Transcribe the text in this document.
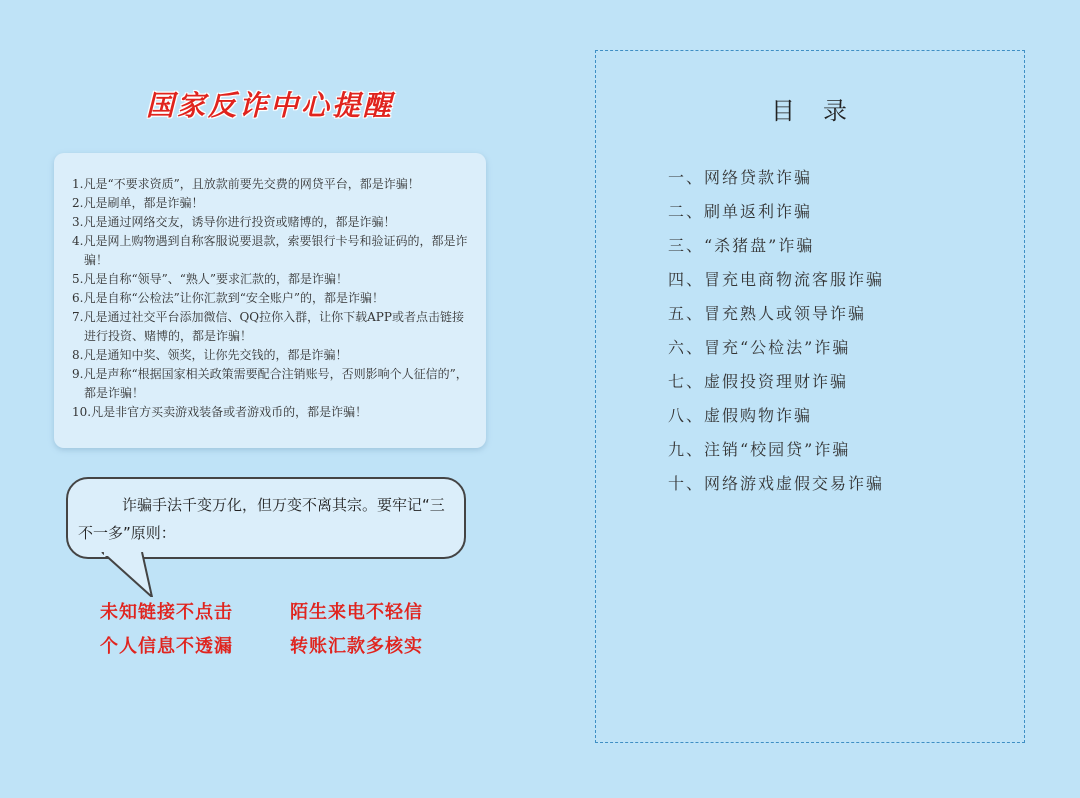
国家反诈中心提醒
1.凡是“不要求资质”，且放款前要先交费的网贷平台，都是诈骗！
2.凡是刷单，都是诈骗！
3.凡是通过网络交友，诱导你进行投资或赌博的，都是诈骗！
4.凡是网上购物遇到自称客服说要退款，索要银行卡号和验证码的，都是诈骗！
5.凡是自称“领导”、“熟人”要求汇款的，都是诈骗！
6.凡是自称“公检法”让你汇款到“安全账户”的，都是诈骗！
7.凡是通过社交平台添加微信、QQ拉你入群，让你下载APP或者点击链接进行投资、赌博的，都是诈骗！
8.凡是通知中奖、领奖，让你先交钱的，都是诈骗！
9.凡是声称“根据国家相关政策需要配合注销账号，否则影响个人征信的”，都是诈骗！
10.凡是非官方买卖游戏装备或者游戏币的，都是诈骗！
诈骗手法千变万化，但万变不离其宗。要牢记“三不一多”原则：
未知链接不点击	陌生来电不轻信
个人信息不透漏	转账汇款多核实
目　录
一、网络贷款诈骗
二、刷单返利诈骗
三、“杀猪盘”诈骗
四、冒充电商物流客服诈骗
五、冒充熟人或领导诈骗
六、冒充“公检法”诈骗
七、虚假投资理财诈骗
八、虚假购物诈骗
九、注销“校园贷”诈骗
十、网络游戏虚假交易诈骗
